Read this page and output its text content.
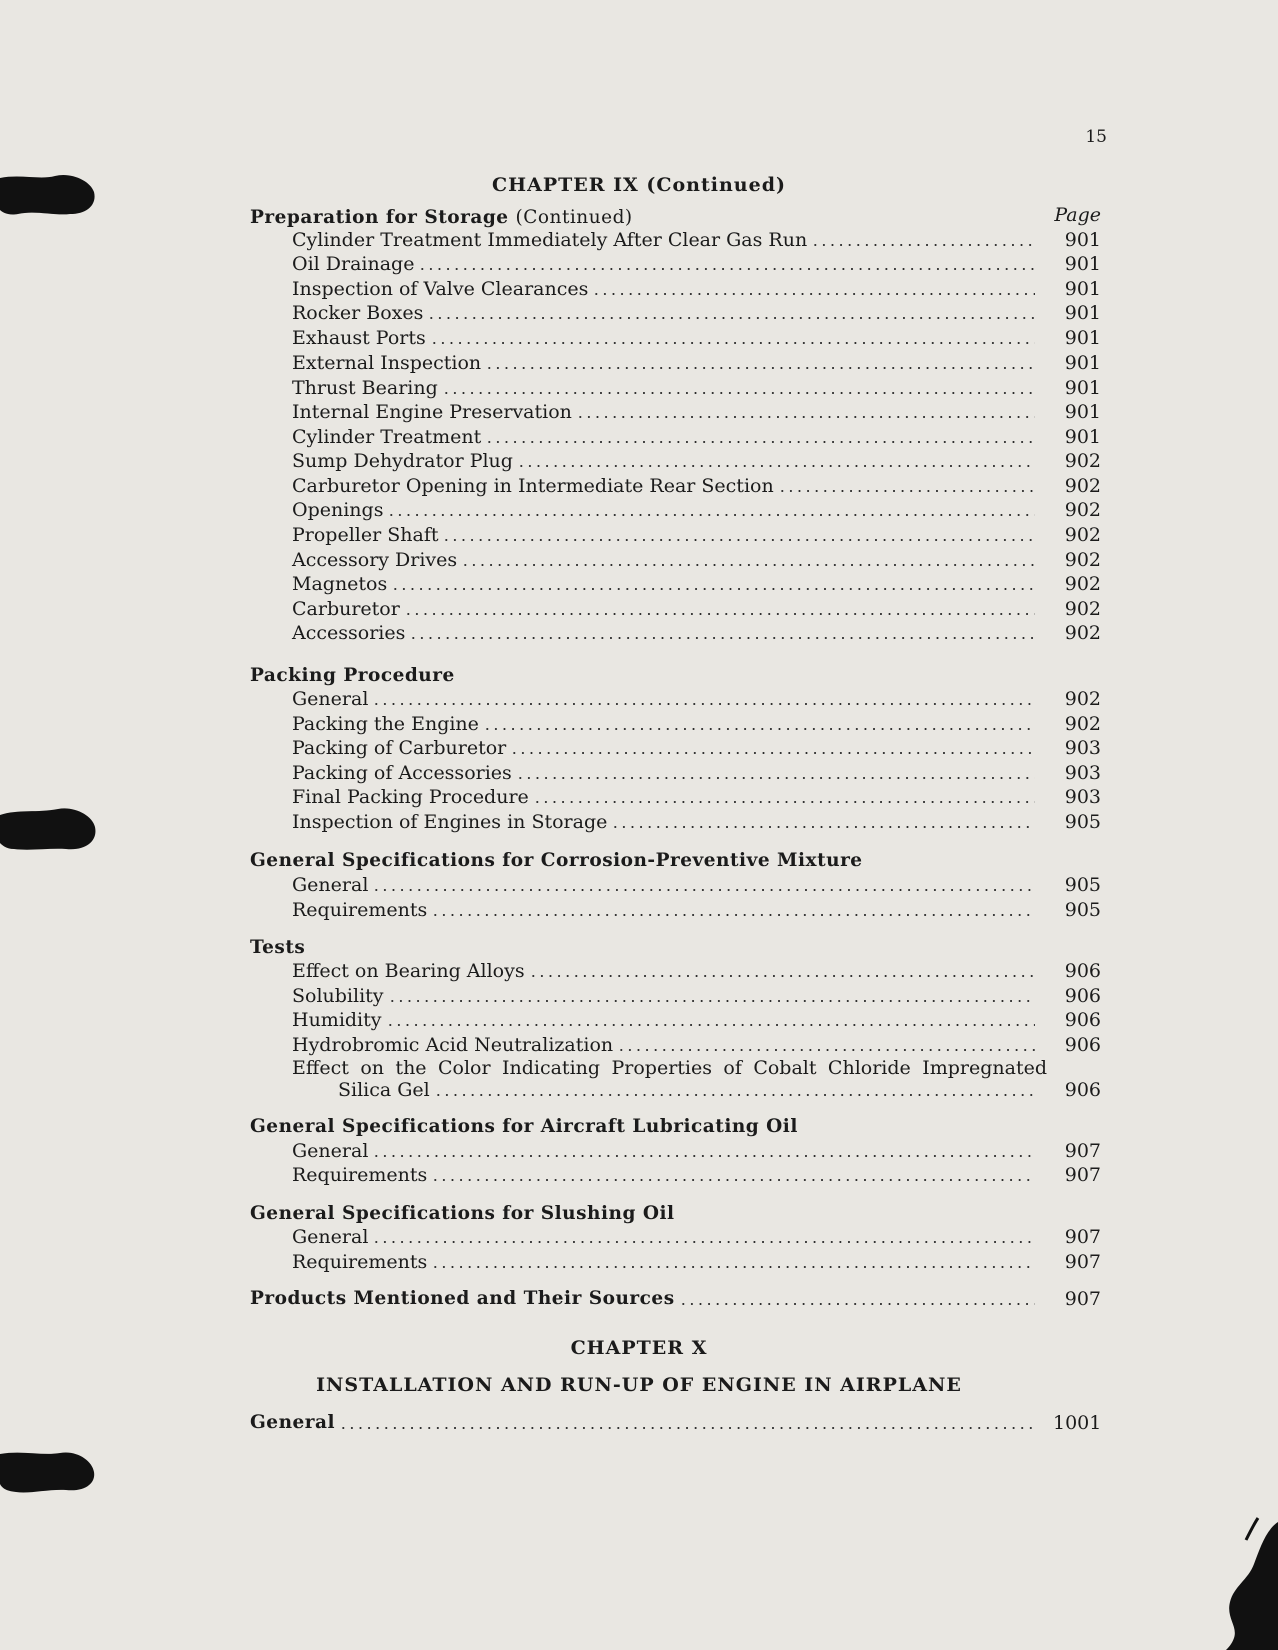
15
CHAPTER IX (Continued)
Preparation for Storage (Continued)	Page
Cylinder Treatment Immediately After Clear Gas Run	901
Oil Drainage	901
Inspection of Valve Clearances	901
Rocker Boxes	901
Exhaust Ports	901
External Inspection	901
Thrust Bearing	901
Internal Engine Preservation	901
Cylinder Treatment	901
Sump Dehydrator Plug	902
Carburetor Opening in Intermediate Rear Section	902
Openings	902
Propeller Shaft	902
Accessory Drives	902
Magnetos	902
Carburetor	902
Accessories	902
Packing Procedure
General	902
Packing the Engine	902
Packing of Carburetor	903
Packing of Accessories	903
Final Packing Procedure	903
Inspection of Engines in Storage	905
General Specifications for Corrosion-Preventive Mixture
General	905
Requirements	905
Tests
Effect on Bearing Alloys	906
Solubility	906
Humidity	906
Hydrobromic Acid Neutralization	906
Effect on the Color Indicating Properties of Cobalt Chloride Impregnated
Silica Gel	906
General Specifications for Aircraft Lubricating Oil
General	907
Requirements	907
General Specifications for Slushing Oil
General	907
Requirements	907
Products Mentioned and Their Sources	907
CHAPTER X
INSTALLATION AND RUN-UP OF ENGINE IN AIRPLANE
General	1001
